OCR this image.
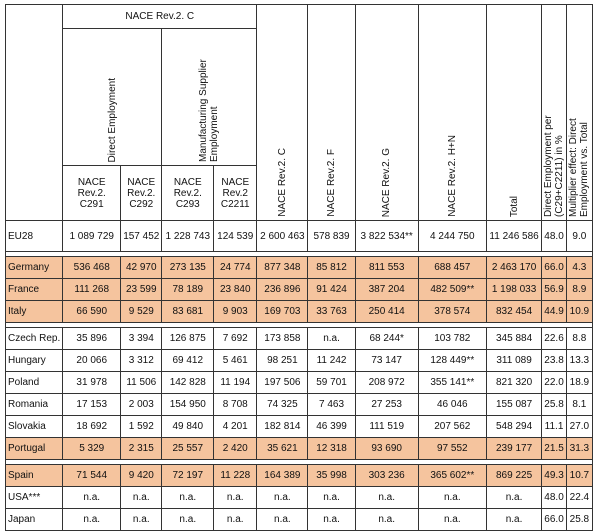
	NACE Rev.2. C				NACE Rev.2. C	NACE Rev.2. F	NACE Rev.2. G	NACE Rev.2. H+N	Total	Direct Employment per (C29+C2211) in %	Multiplier effect: Direct Employment vs. Total

	Direct Employment		Manufacturing Supplier Employment								

	NACE Rev.2. C291	NACE Rev.2. C292	NACE Rev.2. C293	NACE Rev.2 C2211							
EU28	1 089 729	157 452	1 228 743	124 539	2 600 463	578 839	3 822 534**	4 244 750	11 246 586	48.0	9.0

Germany	536 468	42 970	273 135	24 774	877 348	85 812	811 553	688 457	2 463 170	66.0	4.3
France	111 268	23 599	78 189	23 840	236 896	91 424	387 204	482 509**	1 198 033	56.9	8.9
Italy	66 590	9 529	83 681	9 903	169 703	33 763	250 414	378 574	832 454	44.9	10.9

Czech Rep.	35 896	3 394	126 875	7 692	173 858	n.a.	68 244*	103 782	345 884	22.6	8.8
Hungary	20 066	3 312	69 412	5 461	98 251	11 242	73 147	128 449**	311 089	23.8	13.3
Poland	31 978	11 506	142 828	11 194	197 506	59 701	208 972	355 141**	821 320	22.0	18.9
Romania	17 153	2 003	154 950	8 708	74 325	7 463	27 253	46 046	155 087	25.8	8.1
Slovakia	18 692	1 592	49 840	4 201	182 814	46 399	111 519	207 562	548 294	11.1	27.0
Portugal	5 329	2 315	25 557	2 420	35 621	12 318	93 690	97 552	239 177	21.5	31.3

Spain	71 544	9 420	72 197	11 228	164 389	35 998	303 236	365 602**	869 225	49.3	10.7
USA***	n.a.	n.a.	n.a.	n.a.	n.a.	n.a.	n.a.	n.a.	n.a.	48.0	22.4
Japan	n.a.	n.a.	n.a.	n.a.	n.a.	n.a.	n.a.	n.a.	n.a.	66.0	25.8
